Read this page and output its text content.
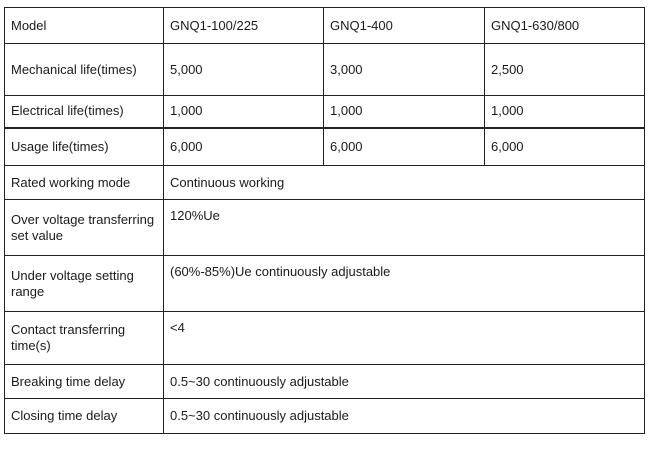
Model	GNQ1-100/225	GNQ1-400	GNQ1-630/800
Mechanical life(times)	5,000	3,000	2,500
Electrical life(times)	1,000	1,000	1,000
Usage life(times)	6,000	6,000	6,000
Rated working mode	Continuous working		
Over voltage transferring set value	120%Ue		
Under voltage setting range	(60%-85%)Ue continuously adjustable		
Contact transferring time(s)	<4		
Breaking time delay	0.5~30 continuously adjustable		
Closing time delay	0.5~30 continuously adjustable		
